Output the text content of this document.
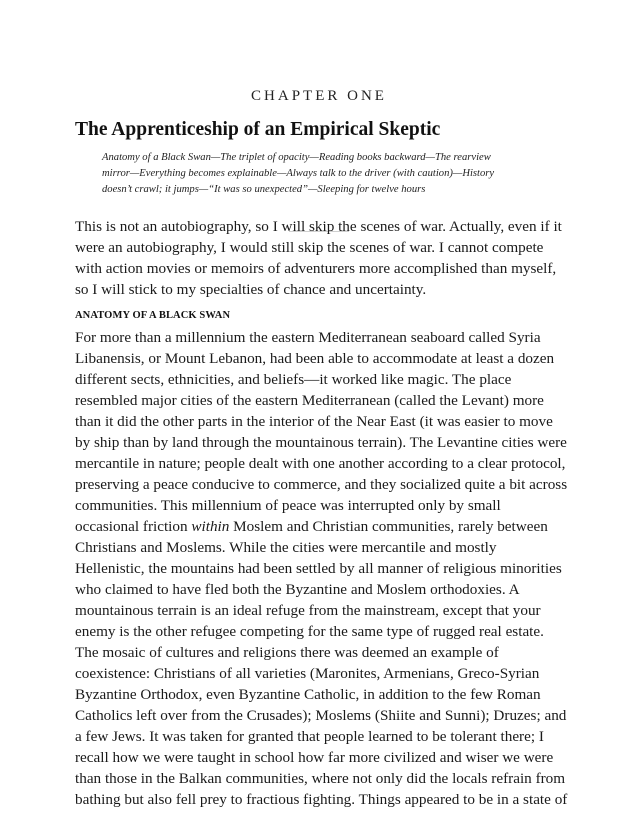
CHAPTER ONE
The Apprenticeship of an Empirical Skeptic
Anatomy of a Black Swan—The triplet of opacity—Reading books backward—The rearview
mirror—Everything becomes explainable—Always talk to the driver (with caution)—History
doesn’t crawl; it jumps—“It was so unexpected”—Sleeping for twelve hours
This is not an autobiography, so I will skip the scenes of war. Actually, even if it
were an autobiography, I would still skip the scenes of war. I cannot compete
with action movies or memoirs of adventurers more accomplished than myself,
so I will stick to my specialties of chance and uncertainty.
ANATOMY OF A BLACK SWAN
For more than a millennium the eastern Mediterranean seaboard called Syria
Libanensis, or Mount Lebanon, had been able to accommodate at least a dozen
different sects, ethnicities, and beliefs—it worked like magic. The place
resembled major cities of the eastern Mediterranean (called the Levant) more
than it did the other parts in the interior of the Near East (it was easier to move
by ship than by land through the mountainous terrain). The Levantine cities were
mercantile in nature; people dealt with one another according to a clear protocol,
preserving a peace conducive to commerce, and they socialized quite a bit across
communities. This millennium of peace was interrupted only by small
occasional friction within Moslem and Christian communities, rarely between
Christians and Moslems. While the cities were mercantile and mostly
Hellenistic, the mountains had been settled by all manner of religious minorities
who claimed to have fled both the Byzantine and Moslem orthodoxies. A
mountainous terrain is an ideal refuge from the mainstream, except that your
enemy is the other refugee competing for the same type of rugged real estate.
The mosaic of cultures and religions there was deemed an example of
coexistence: Christians of all varieties (Maronites, Armenians, Greco-Syrian
Byzantine Orthodox, even Byzantine Catholic, in addition to the few Roman
Catholics left over from the Crusades); Moslems (Shiite and Sunni); Druzes; and
a few Jews. It was taken for granted that people learned to be tolerant there; I
recall how we were taught in school how far more civilized and wiser we were
than those in the Balkan communities, where not only did the locals refrain from
bathing but also fell prey to fractious fighting. Things appeared to be in a state of
